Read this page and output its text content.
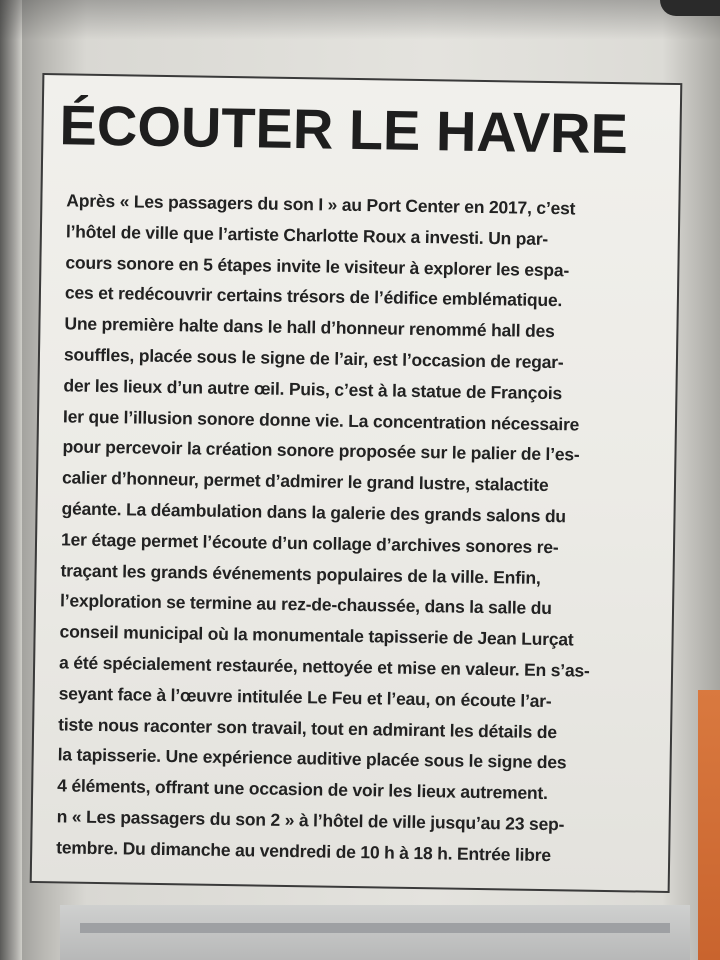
ÉCOUTER LE HAVRE
Après « Les passagers du son I » au Port Center en 2017, c’est
l’hôtel de ville que l’artiste Charlotte Roux a investi. Un par-
cours sonore en 5 étapes invite le visiteur à explorer les espa-
ces et redécouvrir certains trésors de l’édifice emblématique.
Une première halte dans le hall d’honneur renommé hall des
souffles, placée sous le signe de l’air, est l’occasion de regar-
der les lieux d’un autre œil. Puis, c’est à la statue de François
Ier que l’illusion sonore donne vie. La concentration nécessaire
pour percevoir la création sonore proposée sur le palier de l’es-
calier d’honneur, permet d’admirer le grand lustre, stalactite
géante. La déambulation dans la galerie des grands salons du
1er étage permet l’écoute d’un collage d’archives sonores re-
traçant les grands événements populaires de la ville. Enfin,
l’exploration se termine au rez-de-chaussée, dans la salle du
conseil municipal où la monumentale tapisserie de Jean Lurçat
a été spécialement restaurée, nettoyée et mise en valeur. En s’as-
seyant face à l’œuvre intitulée Le Feu et l’eau, on écoute l’ar-
tiste nous raconter son travail, tout en admirant les détails de
la tapisserie. Une expérience auditive placée sous le signe des
4 éléments, offrant une occasion de voir les lieux autrement.
n « Les passagers du son 2 » à l’hôtel de ville jusqu’au 23 sep-
tembre. Du dimanche au vendredi de 10 h à 18 h. Entrée libre
